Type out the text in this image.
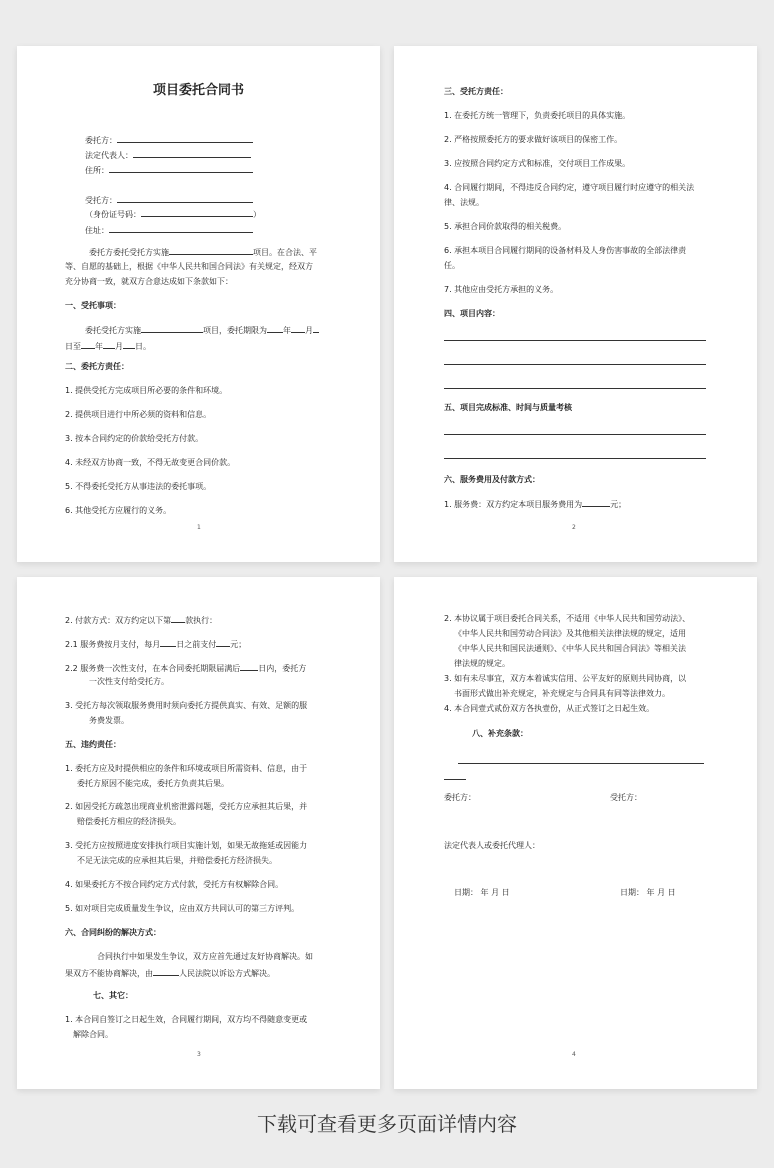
项目委托合同书
委托方：
法定代表人：
住所：
受托方：
（身份证号码：	）
住址：
委托方委托受托方实施	项目。在合法、平
等、自愿的基础上，根据《中华人民共和国合同法》有关规定，经双方
充分协商一致，就双方合意达成如下条款如下：
一、受托事项：
委托受托方实施	项目，委托期限为 年 月
日至 年 月 日。
二、委托方责任：
1. 提供受托方完成项目所必要的条件和环境。
2. 提供项目进行中所必须的资料和信息。
3. 按本合同约定的价款给受托方付款。
4. 未经双方协商一致，不得无故变更合同价款。
5. 不得委托受托方从事违法的委托事项。
6. 其他受托方应履行的义务。
1
三、受托方责任：
1. 在委托方统一管理下，负责委托项目的具体实施。
2. 严格按照委托方的要求做好该项目的保密工作。
3. 应按照合同约定方式和标准，交付项目工作成果。
4. 合同履行期间，不得违反合同约定，遵守项目履行时应遵守的相关法
律、法规。
5. 承担合同价款取得的相关税费。
6. 承担本项目合同履行期间的设备材料及人身伤害事故的全部法律责
任。
7. 其他应由受托方承担的义务。
四、项目内容：
五、项目完成标准、时间与质量考核
六、服务费用及付款方式：
1. 服务费：双方约定本项目服务费用为	元；
2
2. 付款方式：双方约定以下第 款执行：
2.1 服务费按月支付，每月 日之前支付 元；
2.2 服务费一次性支付，在本合同委托期限届满后 日内，委托方
一次性支付给受托方。
3. 受托方每次领取服务费用时须向委托方提供真实、有效、足额的服
务费发票。
五、违约责任：
1. 委托方应及时提供相应的条件和环境或项目所需资料、信息，由于
委托方原因不能完成，委托方负责其后果。
2. 如因受托方疏忽出现商业机密泄露问题，受托方应承担其后果，并
赔偿委托方相应的经济损失。
3. 受托方应按照进度安排执行项目实施计划，如果无故拖延或因能力
不足无法完成的应承担其后果，并赔偿委托方经济损失。
4. 如果委托方不按合同约定方式付款，受托方有权解除合同。
5. 如对项目完成质量发生争议，应由双方共同认可的第三方评判。
六、合同纠纷的解决方式：
合同执行中如果发生争议，双方应首先通过友好协商解决。如
果双方不能协商解决，由	人民法院以诉讼方式解决。
七、其它：
1. 本合同自签订之日起生效，合同履行期间，双方均不得随意变更或
解除合同。
3
2. 本协议属于项目委托合同关系，不适用《中华人民共和国劳动法》、
《中华人民共和国劳动合同法》及其他相关法律法规的规定，适用
《中华人民共和国民法通则》、《中华人民共和国合同法》等相关法
律法规的规定。
3. 如有未尽事宜，双方本着诚实信用、公平友好的原则共同协商，以
书面形式做出补充规定，补充规定与合同具有同等法律效力。
4. 本合同壹式贰份双方各执壹份，从正式签订之日起生效。
八、补充条款：
委托方：	受托方：
法定代表人或委托代理人：
日期： 年 月 日	日期： 年 月 日
4
下载可查看更多页面详情内容
